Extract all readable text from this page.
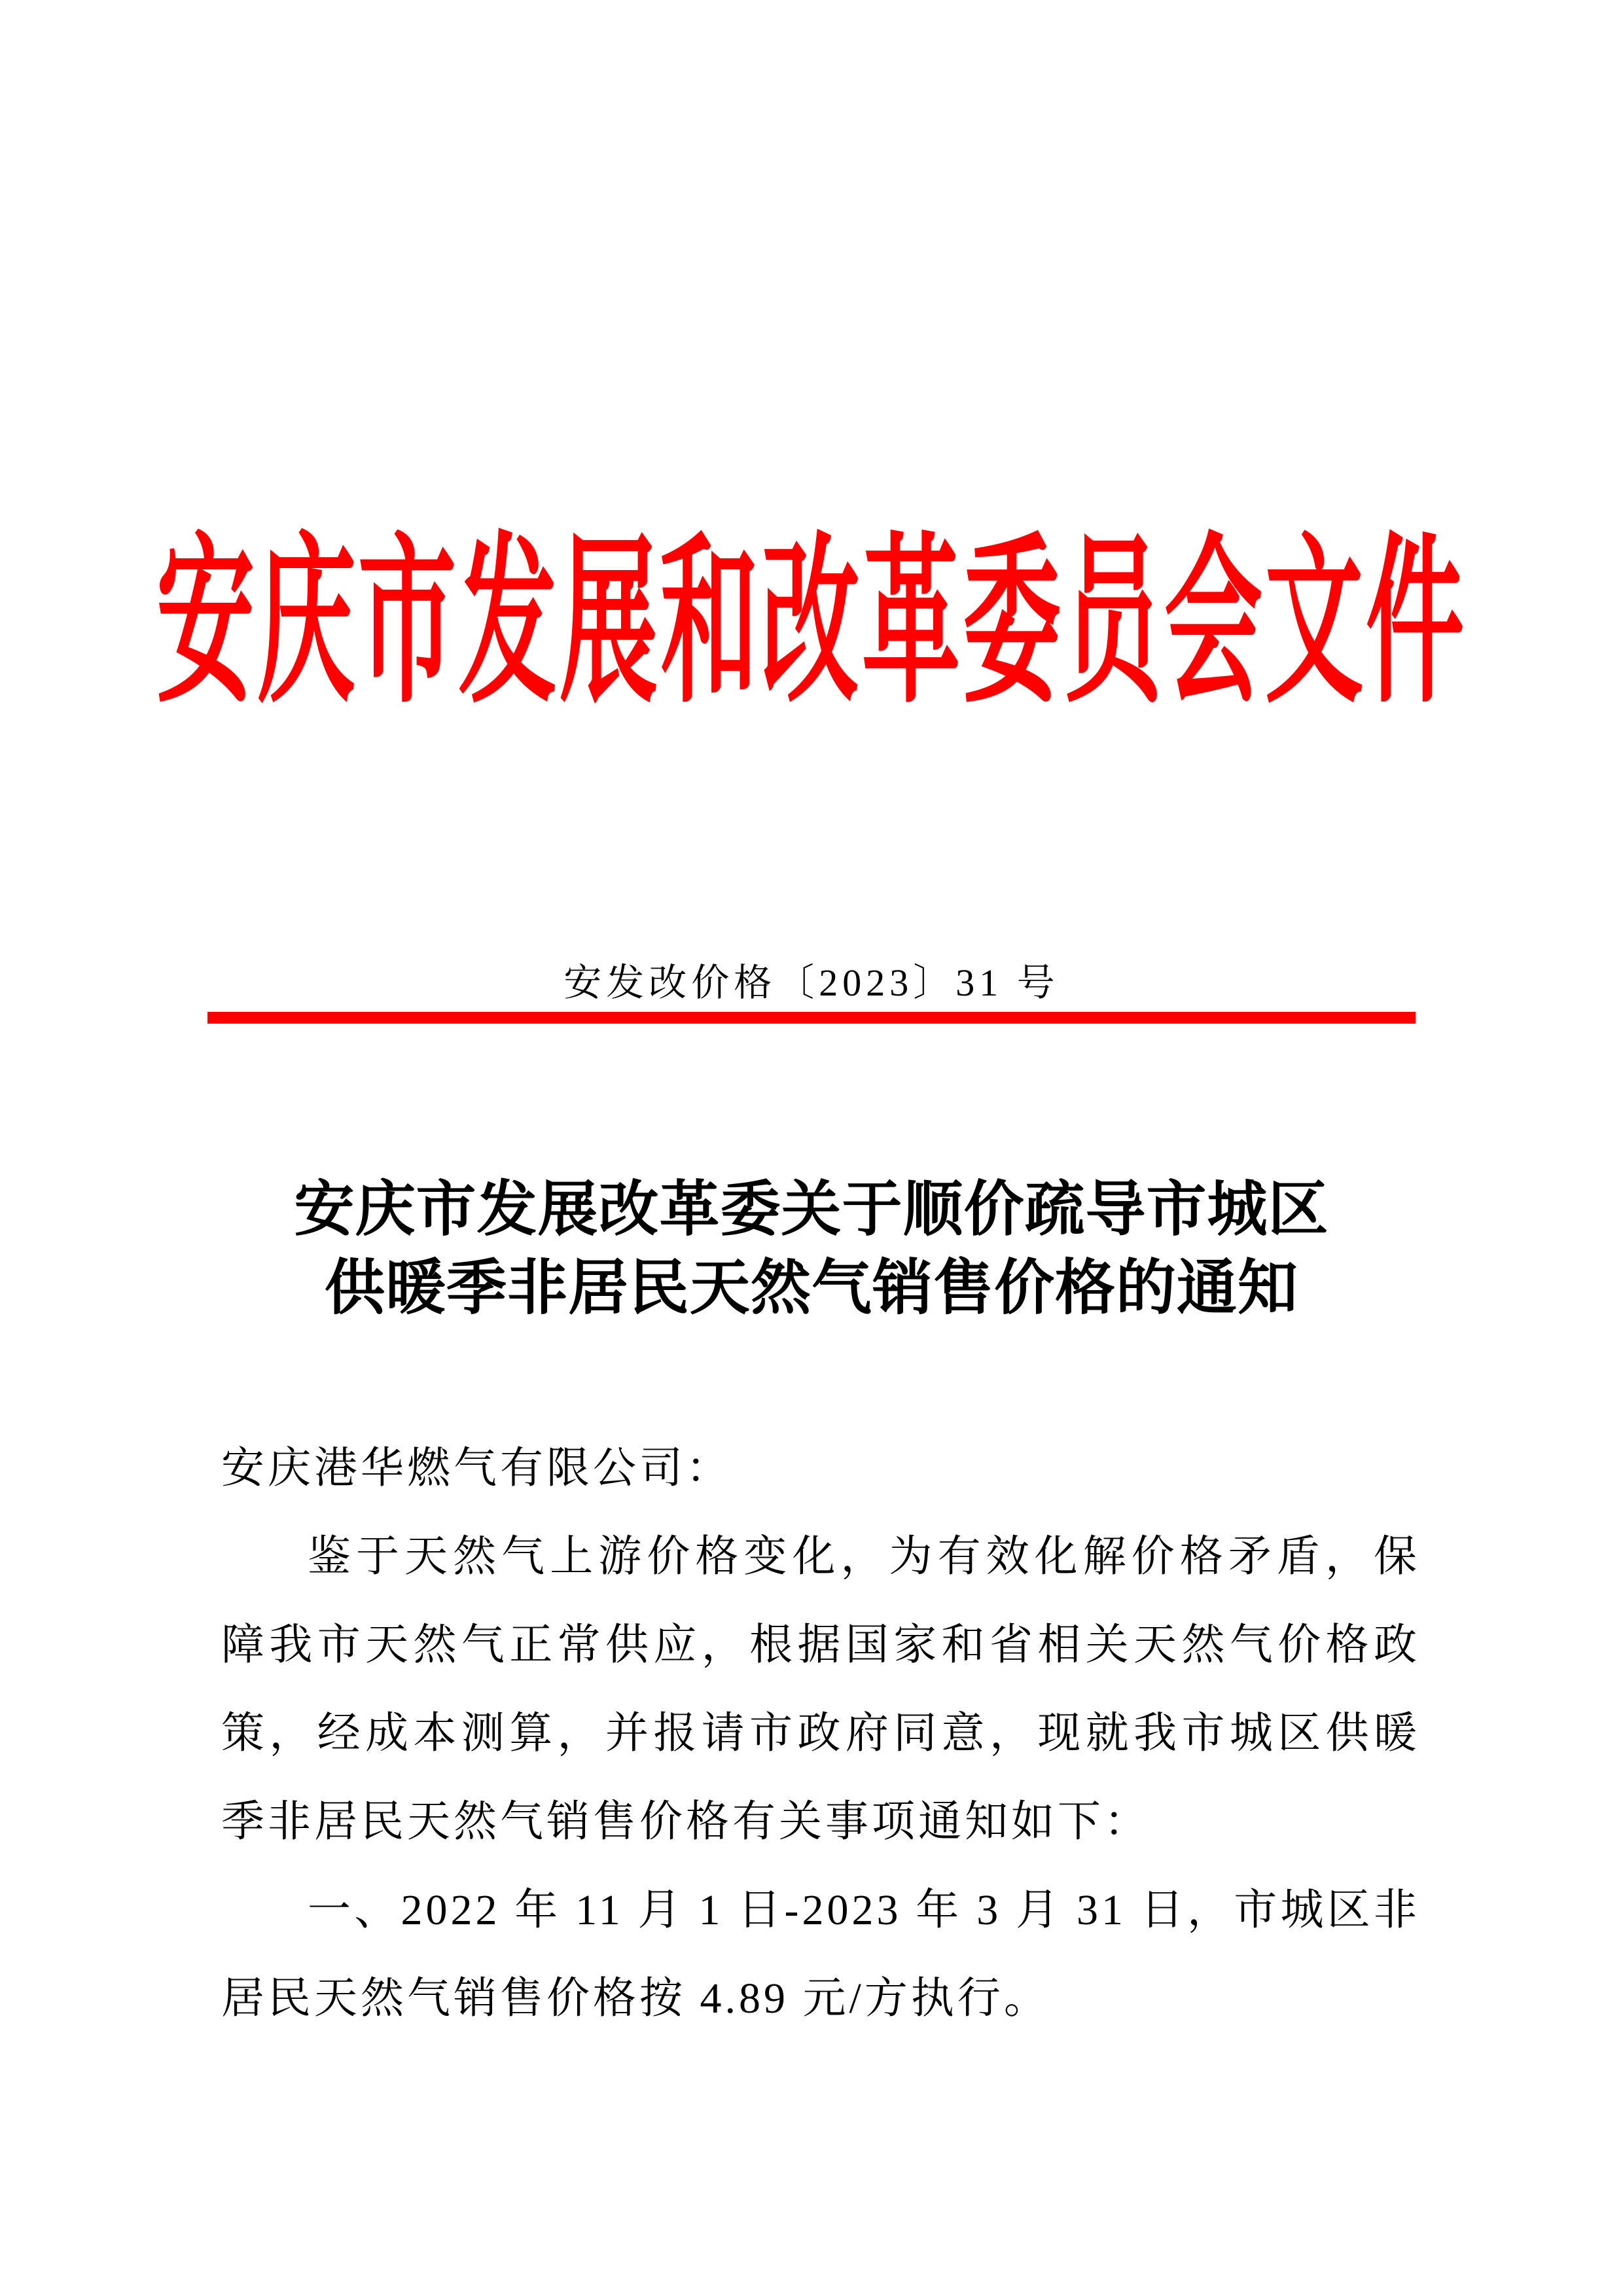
安庆市发展和改革委员会文件
安发改价格〔2023〕31 号
安庆市发展改革委关于顺价疏导市城区
供暖季非居民天然气销售价格的通知

安庆港华燃气有限公司：

鉴于天然气上游价格变化，为有效化解价格矛盾，保障我市天然气正常供应，根据国家和省相关天然气价格政策，经成本测算，并报请市政府同意，现就我市城区供暖季非居民天然气销售价格有关事项通知如下：

一、2022 年 11 月 1 日-2023 年 3 月 31 日，市城区非居民天然气销售价格按 4.89 元/方执行。
